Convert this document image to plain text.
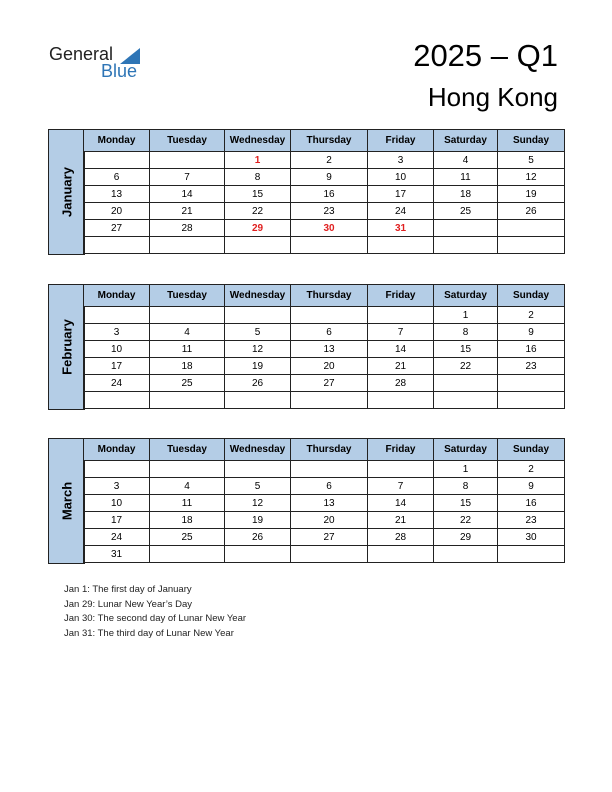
General
Blue	2025 – Q1
Hong Kong
January
Monday	Tuesday	Wednesday	Thursday	Friday	Saturday	Sunday
		1	2	3	4	5
6	7	8	9	10	11	12
13	14	15	16	17	18	19
20	21	22	23	24	25	26
27	28	29	30	31		

February
Monday	Tuesday	Wednesday	Thursday	Friday	Saturday	Sunday
					1	2
3	4	5	6	7	8	9
10	11	12	13	14	15	16
17	18	19	20	21	22	23
24	25	26	27	28		

March
Monday	Tuesday	Wednesday	Thursday	Friday	Saturday	Sunday
					1	2
3	4	5	6	7	8	9
10	11	12	13	14	15	16
17	18	19	20	21	22	23
24	25	26	27	28	29	30
31						
Jan 1: The first day of January
Jan 29: Lunar New Year’s Day
Jan 30: The second day of Lunar New Year
Jan 31: The third day of Lunar New Year
